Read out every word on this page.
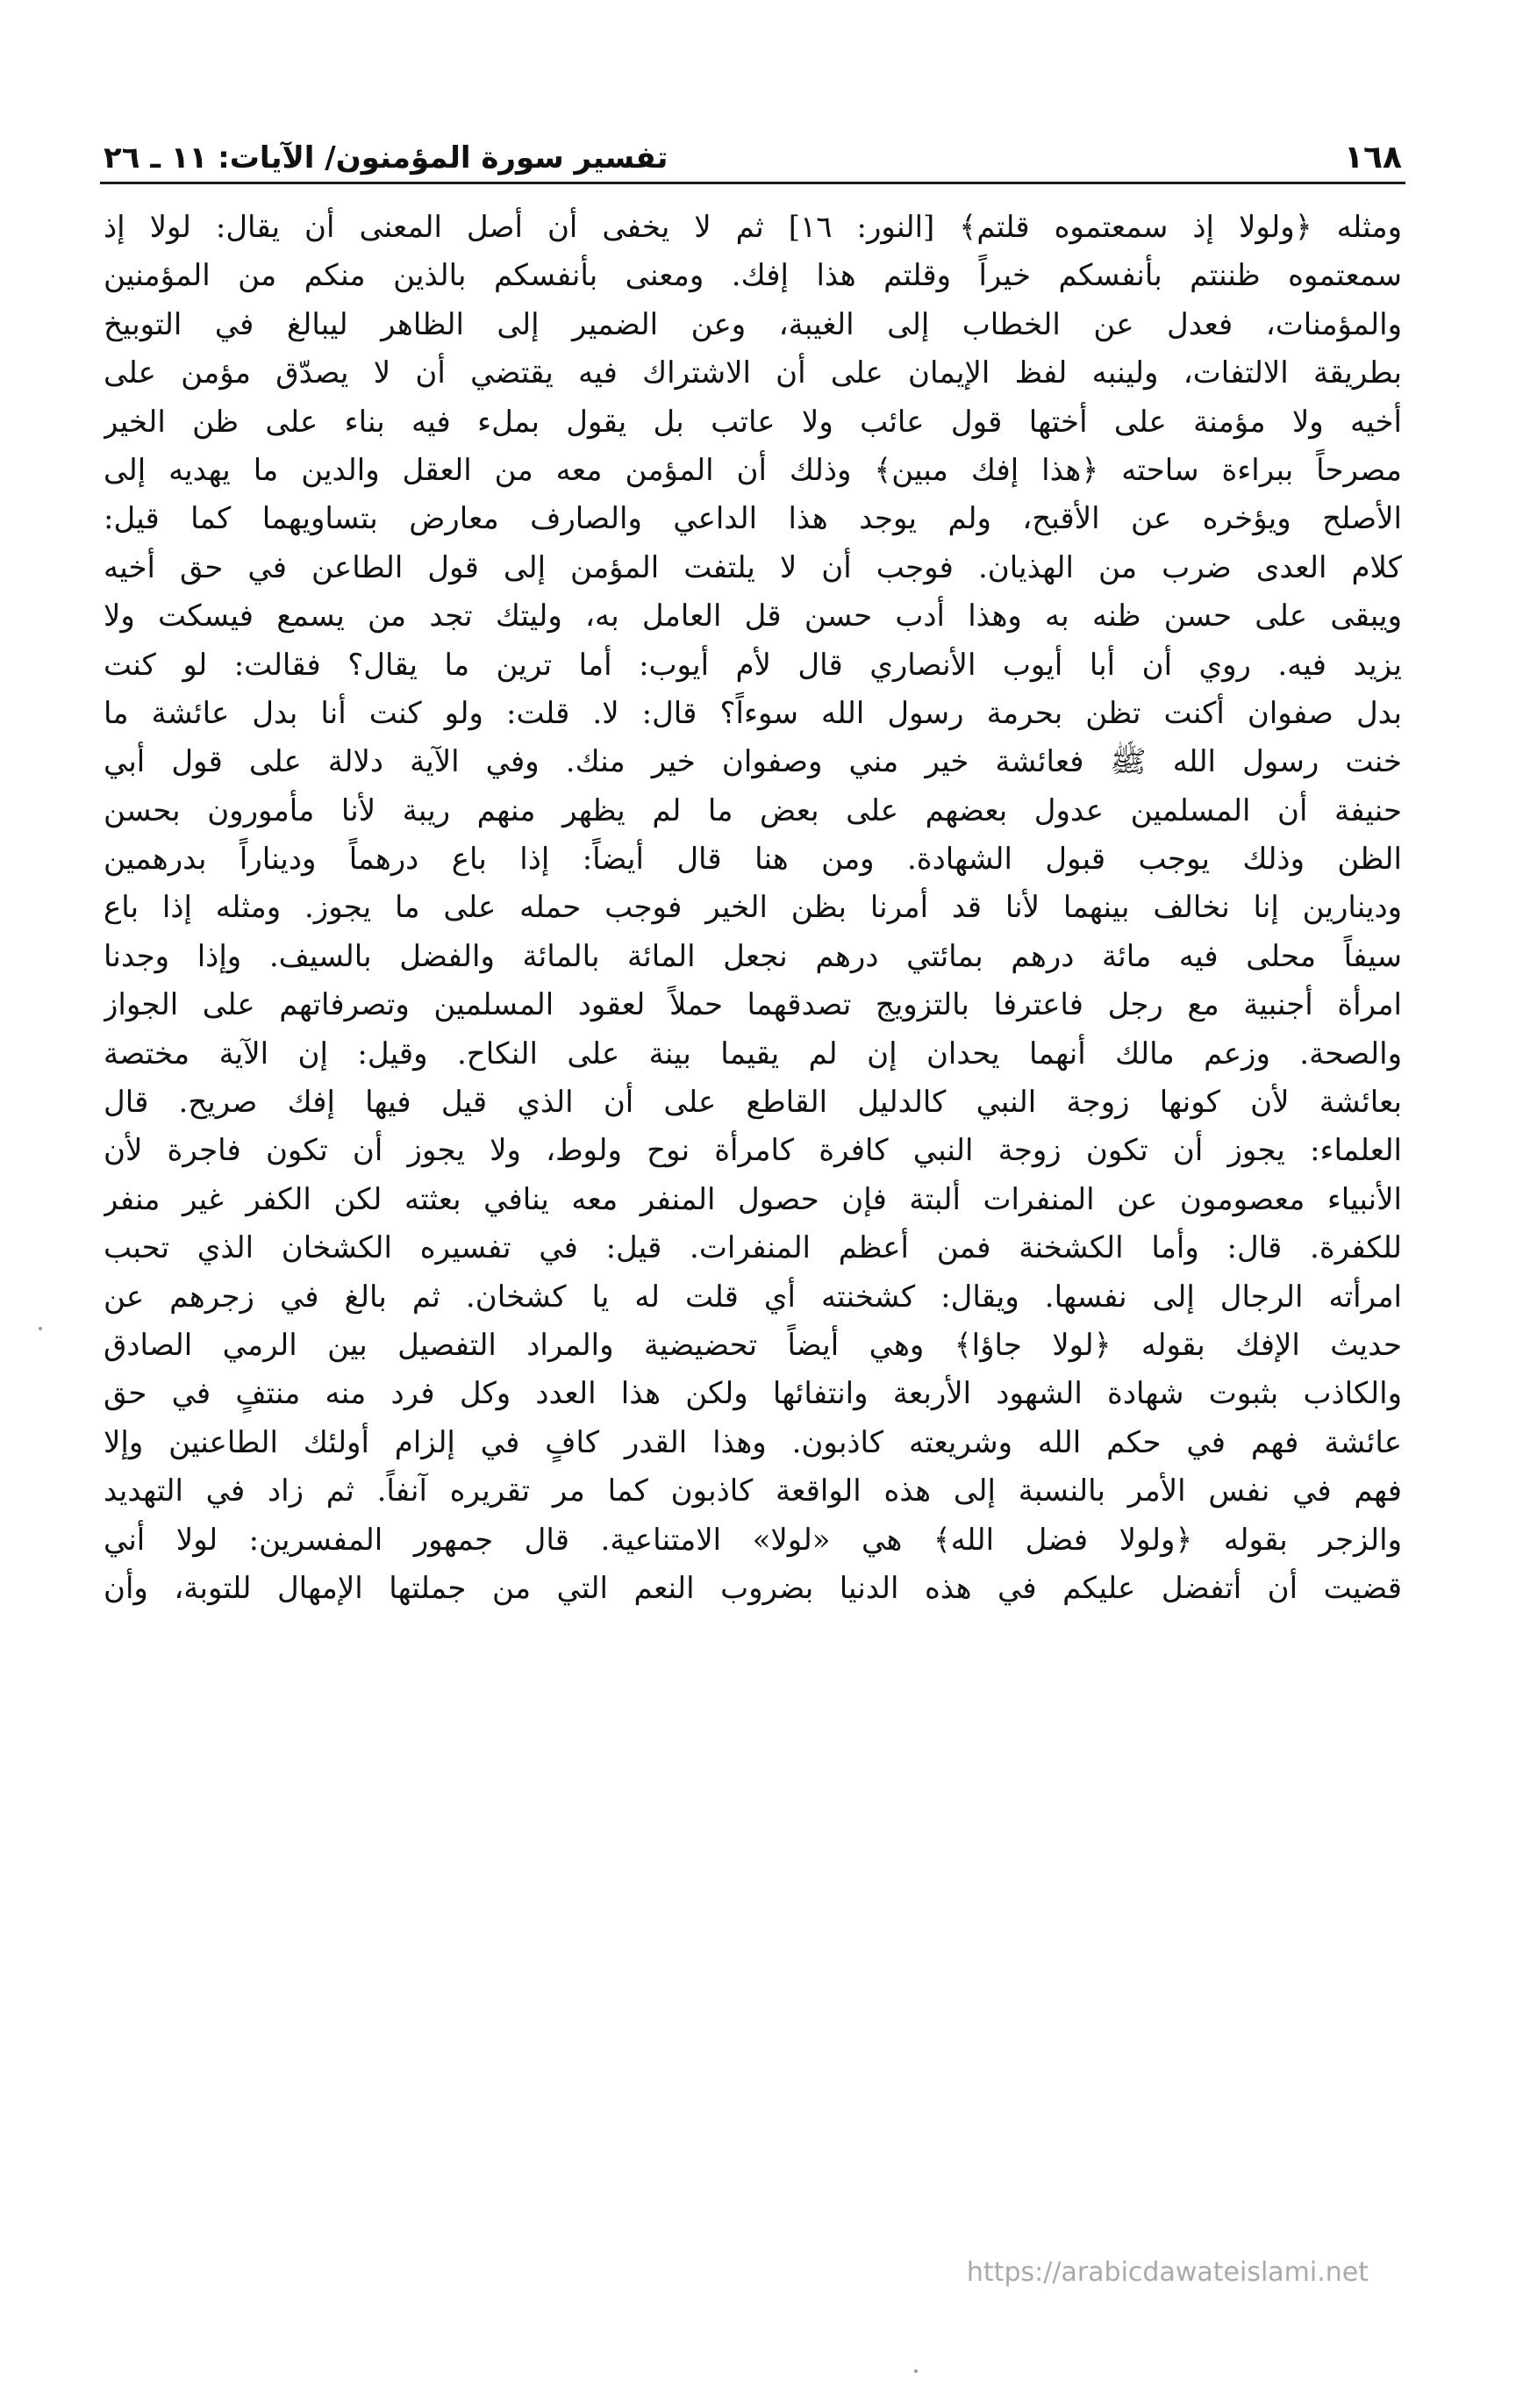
١٦٨
تفسير سورة المؤمنون/ الآيات: ١١ ـ ٢٦
ومثله ﴿ولولا إذ سمعتموه قلتم﴾ [النور: ١٦] ثم لا يخفى أن أصل المعنى أن يقال: لولا إذ
سمعتموه ظننتم بأنفسكم خيراً وقلتم هذا إفك. ومعنى بأنفسكم بالذين منكم من المؤمنين
والمؤمنات، فعدل عن الخطاب إلى الغيبة، وعن الضمير إلى الظاهر ليبالغ في التوبيخ
بطريقة الالتفات، ولينبه لفظ الإيمان على أن الاشتراك فيه يقتضي أن لا يصدّق مؤمن على
أخيه ولا مؤمنة على أختها قول عائب ولا عاتب بل يقول بملء فيه بناء على ظن الخير
مصرحاً ببراءة ساحته ﴿هذا إفك مبين﴾ وذلك أن المؤمن معه من العقل والدين ما يهديه إلى
الأصلح ويؤخره عن الأقبح، ولم يوجد هذا الداعي والصارف معارض بتساويهما كما قيل:
كلام العدى ضرب من الهذيان. فوجب أن لا يلتفت المؤمن إلى قول الطاعن في حق أخيه
ويبقى على حسن ظنه به وهذا أدب حسن قل العامل به، وليتك تجد من يسمع فيسكت ولا
يزيد فيه. روي أن أبا أيوب الأنصاري قال لأم أيوب: أما ترين ما يقال؟ فقالت: لو كنت
بدل صفوان أكنت تظن بحرمة رسول الله سوءاً؟ قال: لا. قلت: ولو كنت أنا بدل عائشة ما
خنت رسول الله ﷺ فعائشة خير مني وصفوان خير منك. وفي الآية دلالة على قول أبي
حنيفة أن المسلمين عدول بعضهم على بعض ما لم يظهر منهم ريبة لأنا مأمورون بحسن
الظن وذلك يوجب قبول الشهادة. ومن هنا قال أيضاً: إذا باع درهماً وديناراً بدرهمين
ودينارين إنا نخالف بينهما لأنا قد أمرنا بظن الخير فوجب حمله على ما يجوز. ومثله إذا باع
سيفاً محلى فيه مائة درهم بمائتي درهم نجعل المائة بالمائة والفضل بالسيف. وإذا وجدنا
امرأة أجنبية مع رجل فاعترفا بالتزويج تصدقهما حملاً لعقود المسلمين وتصرفاتهم على الجواز
والصحة. وزعم مالك أنهما يحدان إن لم يقيما بينة على النكاح. وقيل: إن الآية مختصة
بعائشة لأن كونها زوجة النبي كالدليل القاطع على أن الذي قيل فيها إفك صريح. قال
العلماء: يجوز أن تكون زوجة النبي كافرة كامرأة نوح ولوط، ولا يجوز أن تكون فاجرة لأن
الأنبياء معصومون عن المنفرات ألبتة فإن حصول المنفر معه ينافي بعثته لكن الكفر غير منفر
للكفرة. قال: وأما الكشخنة فمن أعظم المنفرات. قيل: في تفسيره الكشخان الذي تحبب
امرأته الرجال إلى نفسها. ويقال: كشخنته أي قلت له يا كشخان. ثم بالغ في زجرهم عن
حديث الإفك بقوله ﴿لولا جاؤا﴾ وهي أيضاً تحضيضية والمراد التفصيل بين الرمي الصادق
والكاذب بثبوت شهادة الشهود الأربعة وانتفائها ولكن هذا العدد وكل فرد منه منتفٍ في حق
عائشة فهم في حكم الله وشريعته كاذبون. وهذا القدر كافٍ في إلزام أولئك الطاعنين وإلا
فهم في نفس الأمر بالنسبة إلى هذه الواقعة كاذبون كما مر تقريره آنفاً. ثم زاد في التهديد
والزجر بقوله ﴿ولولا فضل الله﴾ هي «لولا» الامتناعية. قال جمهور المفسرين: لولا أني
قضيت أن أتفضل عليكم في هذه الدنيا بضروب النعم التي من جملتها الإمهال للتوبة، وأن
https://arabicdawateislami.net
